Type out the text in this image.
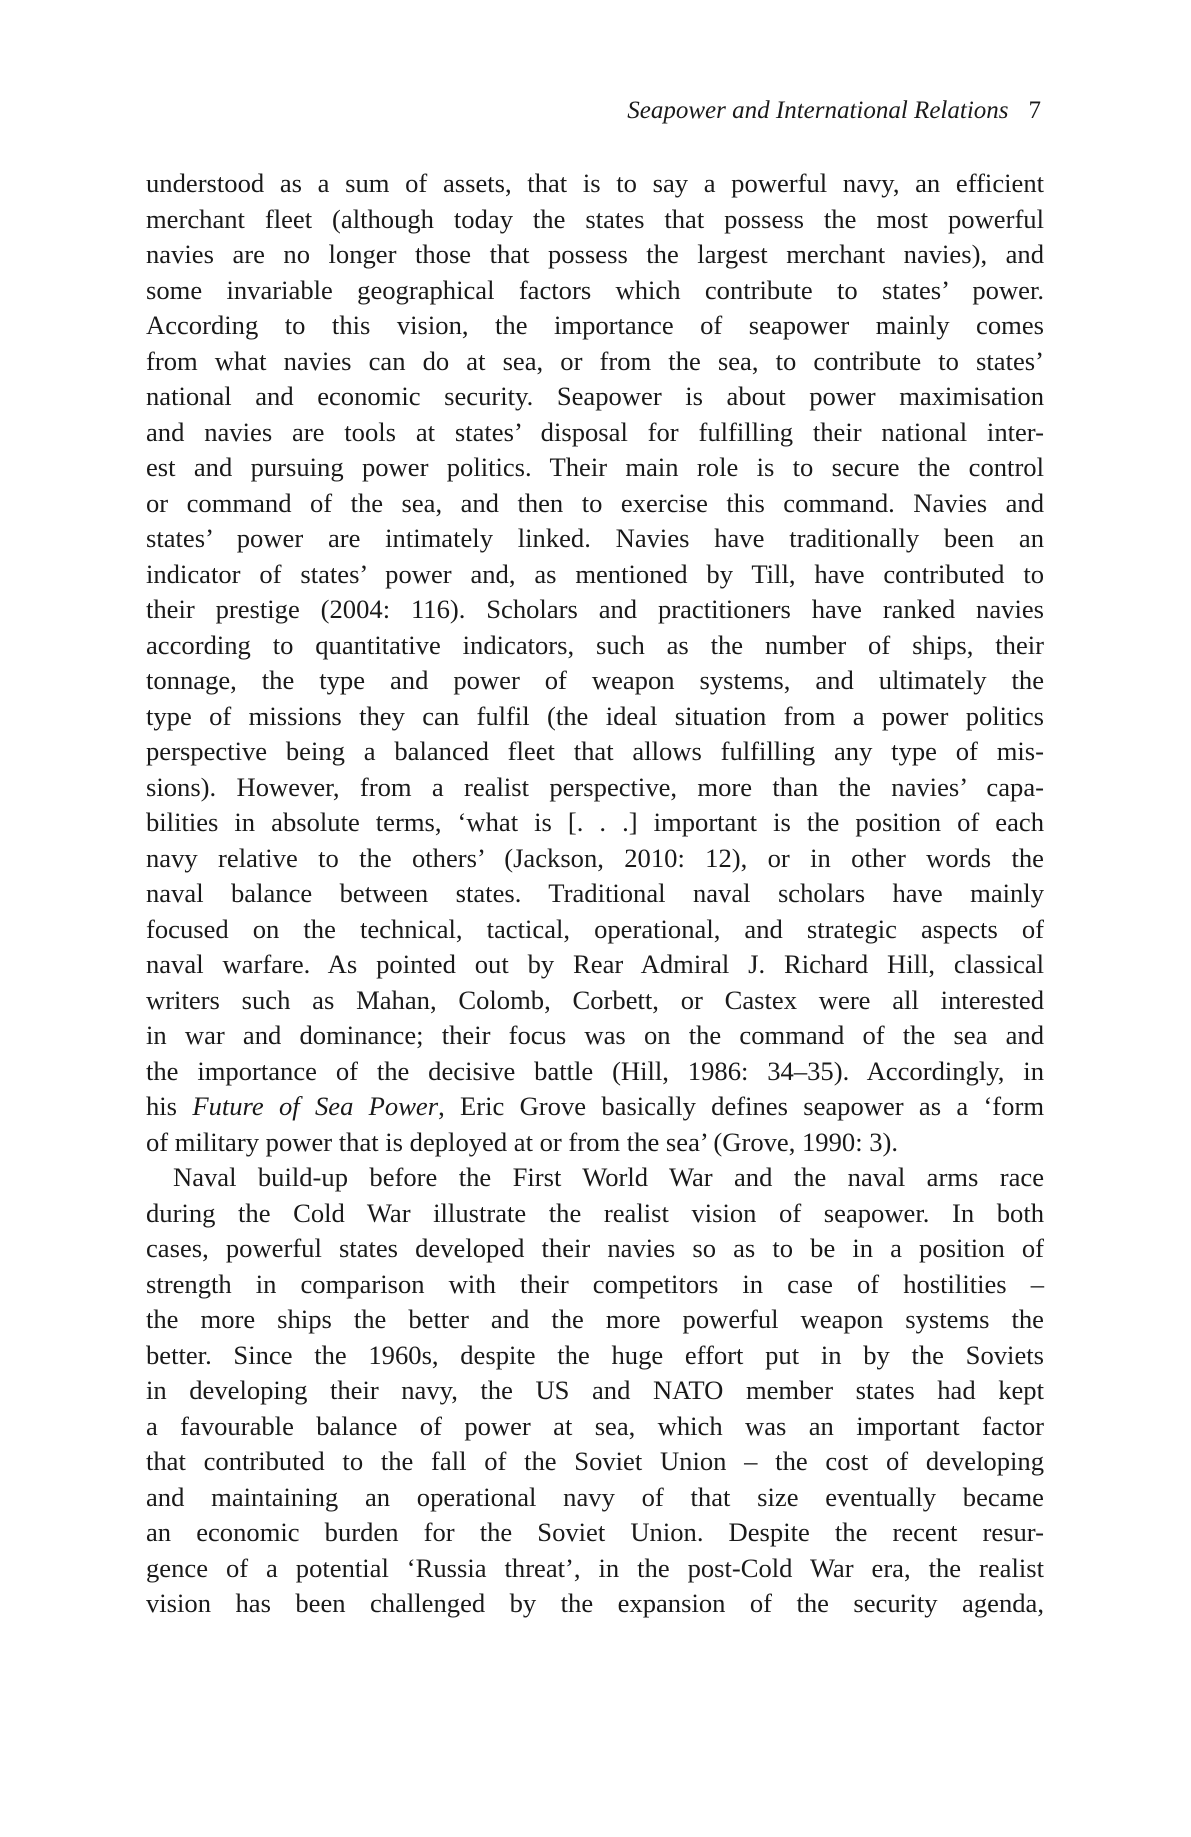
Seapower and International Relations 7
understood as a sum of assets, that is to say a powerful navy, an efficient
merchant fleet (although today the states that possess the most powerful
navies are no longer those that possess the largest merchant navies), and
some invariable geographical factors which contribute to states’ power.
According to this vision, the importance of seapower mainly comes
from what navies can do at sea, or from the sea, to contribute to states’
national and economic security. Seapower is about power maximisation
and navies are tools at states’ disposal for fulfilling their national inter-
est and pursuing power politics. Their main role is to secure the control
or command of the sea, and then to exercise this command. Navies and
states’ power are intimately linked. Navies have traditionally been an
indicator of states’ power and, as mentioned by Till, have contributed to
their prestige (2004: 116). Scholars and practitioners have ranked navies
according to quantitative indicators, such as the number of ships, their
tonnage, the type and power of weapon systems, and ultimately the
type of missions they can fulfil (the ideal situation from a power politics
perspective being a balanced fleet that allows fulfilling any type of mis-
sions). However, from a realist perspective, more than the navies’ capa-
bilities in absolute terms, ‘what is [. . .] important is the position of each
navy relative to the others’ (Jackson, 2010: 12), or in other words the
naval balance between states. Traditional naval scholars have mainly
focused on the technical, tactical, operational, and strategic aspects of
naval warfare. As pointed out by Rear Admiral J. Richard Hill, classical
writers such as Mahan, Colomb, Corbett, or Castex were all interested
in war and dominance; their focus was on the command of the sea and
the importance of the decisive battle (Hill, 1986: 34–35). Accordingly, in
his Future of Sea Power, Eric Grove basically defines seapower as a ‘form
of military power that is deployed at or from the sea’ (Grove, 1990: 3).
Naval build-up before the First World War and the naval arms race
during the Cold War illustrate the realist vision of seapower. In both
cases, powerful states developed their navies so as to be in a position of
strength in comparison with their competitors in case of hostilities –
the more ships the better and the more powerful weapon systems the
better. Since the 1960s, despite the huge effort put in by the Soviets
in developing their navy, the US and NATO member states had kept
a favourable balance of power at sea, which was an important factor
that contributed to the fall of the Soviet Union – the cost of developing
and maintaining an operational navy of that size eventually became
an economic burden for the Soviet Union. Despite the recent resur-
gence of a potential ‘Russia threat’, in the post-Cold War era, the realist
vision has been challenged by the expansion of the security agenda,
